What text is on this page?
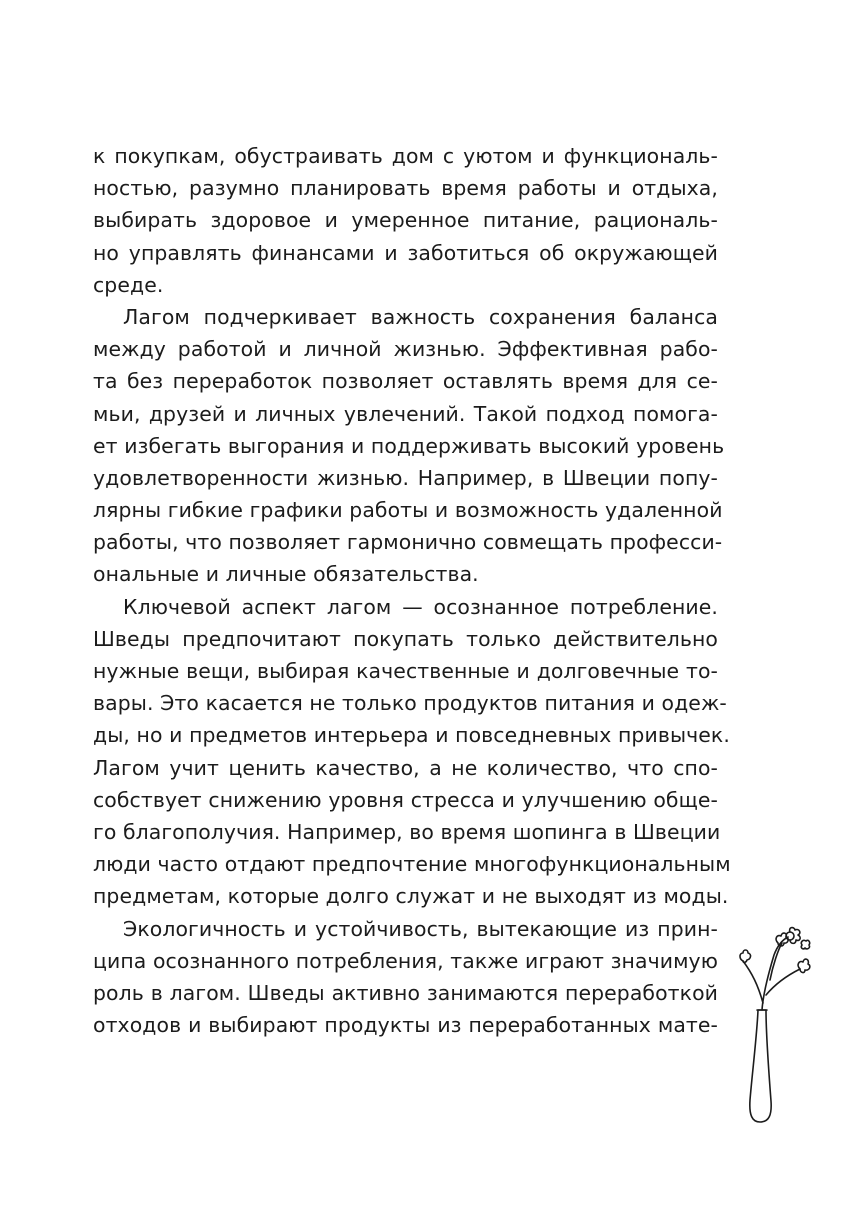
к покупкам, обустраивать дом с уютом и функциональ-
ностью, разумно планировать время работы и отдыха,
выбирать здоровое и умеренное питание, рациональ-
но управлять финансами и заботиться об окружающей
среде.

Лагом подчеркивает важность сохранения баланса
между работой и личной жизнью. Эффективная рабо-
та без переработок позволяет оставлять время для се-
мьи, друзей и личных увлечений. Такой подход помога-
ет избегать выгорания и поддерживать высокий уровень
удовлетворенности жизнью. Например, в Швеции попу-
лярны гибкие графики работы и возможность удаленной
работы, что позволяет гармонично совмещать професси-
ональные и личные обязательства.

Ключевой аспект лагом — осознанное потребление.
Шведы предпочитают покупать только действительно
нужные вещи, выбирая качественные и долговечные то-
вары. Это касается не только продуктов питания и одеж-
ды, но и предметов интерьера и повседневных привычек.
Лагом учит ценить качество, а не количество, что спо-
собствует снижению уровня стресса и улучшению обще-
го благополучия. Например, во время шопинга в Швеции
люди часто отдают предпочтение многофункциональным
предметам, которые долго служат и не выходят из моды.

Экологичность и устойчивость, вытекающие из прин-
ципа осознанного потребления, также играют значимую
роль в лагом. Шведы активно занимаются переработкой
отходов и выбирают продукты из переработанных мате-
